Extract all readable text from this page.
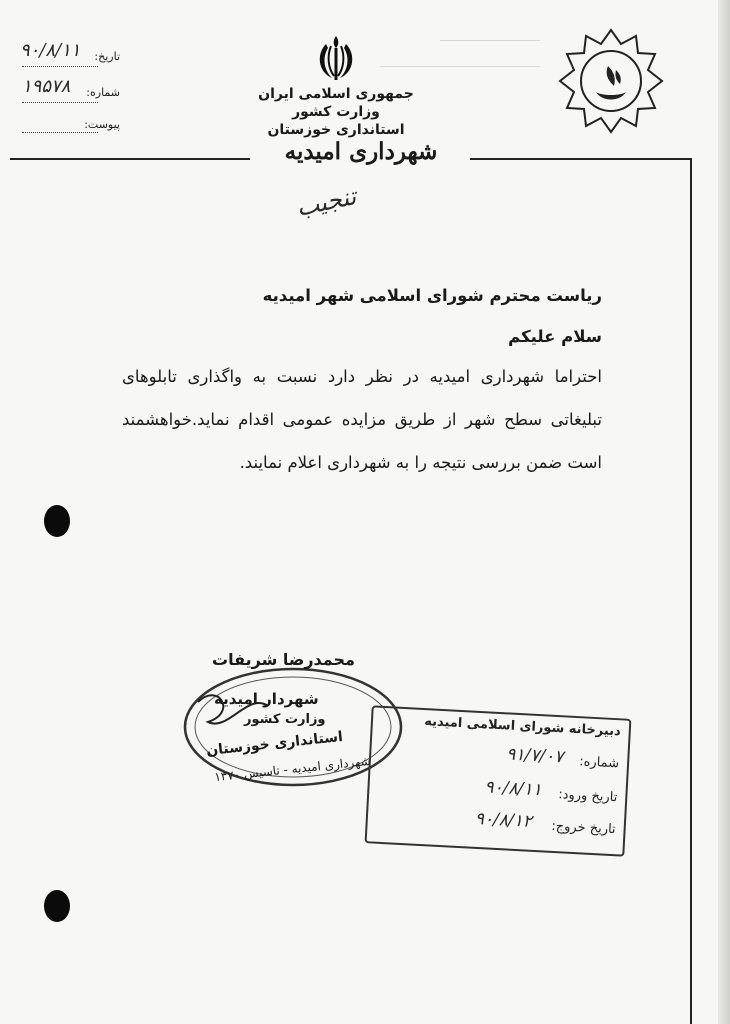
جمهوری اسلامی ایران
وزارت کشور
استانداری خوزستان
شهرداری امیدیه
تاریخ:
۹۰/۸/۱۱
شماره:
۱۹۵۷۸
پیوست:
تنجیب
ریاست محترم شورای اسلامی شهر امیدیه
سلام علیکم
احتراما شهرداری امیدیه در نظر دارد نسبت به واگذاری تابلوهای تبلیغاتی سطح شهر از طریق مزایده عمومی اقدام نماید.خواهشمند است ضمن بررسی نتیجه را به شهرداری اعلام نمایند.
محمدرضا شریفات
شهردار امیدیه
وزارت کشور
استانداری خوزستان
شهرداری امیدیه - تاسیس ۱۳۷۰
دبیرخانه شورای اسلامی امیدیه
شماره:
۹۱/۷/۰۷
تاریخ ورود:
۹۰/۸/۱۱
تاریخ خروج:
۹۰/۸/۱۲
